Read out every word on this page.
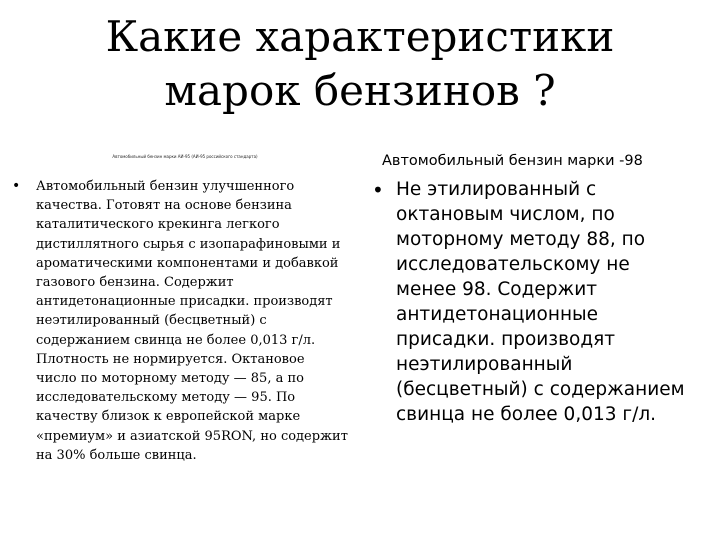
Какие характеристики марок бензинов ?
Автомобильный бензин марки АИ-95 (АИ-95 российского стандарта)	Автомобильный бензин марки -98
•	Автомобильный бензин улучшенного качества. Готовят на основе бензина каталитического крекинга легкого дистиллятного сырья с изопарафиновыми и ароматическими компонентами и добавкой газового бензина. Содержит антидетонационные присадки. производят неэтилированный (бесцветный) с содержанием свинца не более 0,013 г/л. Плотность не нормируется. Октановое число по моторному методу — 85, а по исследовательскому методу — 95. По качеству близок к европейской марке «премиум» и азиатской 95RON, но содержит на 30% больше свинца.
• Не этилированный с октановым числом, по моторному методу 88, по исследовательскому не менее 98. Содержит антидетонационные присадки. производят неэтилированный (бесцветный) с содержанием свинца не более 0,013 г/л.
